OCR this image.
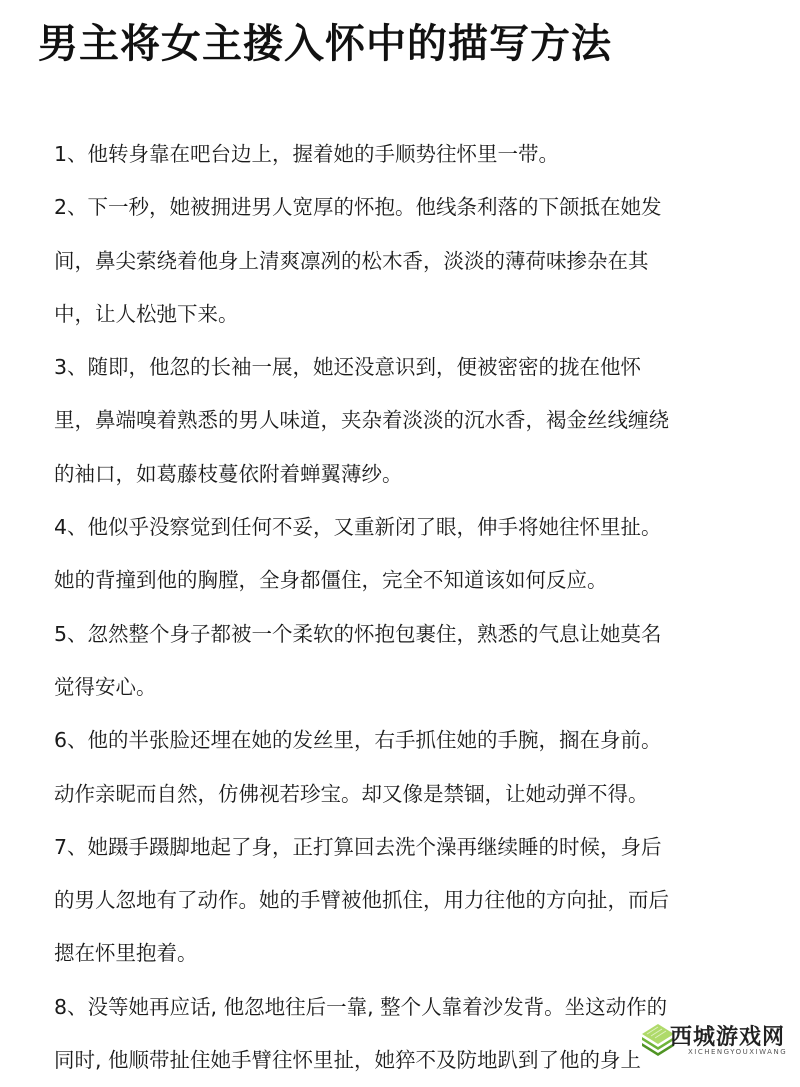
男主将女主搂入怀中的描写方法
1、他转身靠在吧台边上，握着她的手顺势往怀里一带。
2、下一秒，她被拥进男人宽厚的怀抱。他线条利落的下颌抵在她发
间，鼻尖萦绕着他身上清爽凛冽的松木香，淡淡的薄荷味掺杂在其
中，让人松弛下来。
3、随即，他忽的长袖一展，她还没意识到，便被密密的拢在他怀
里，鼻端嗅着熟悉的男人味道，夹杂着淡淡的沉水香，褐金丝线缠绕
的袖口，如葛藤枝蔓依附着蝉翼薄纱。
4、他似乎没察觉到任何不妥，又重新闭了眼，伸手将她往怀里扯。
她的背撞到他的胸膛，全身都僵住，完全不知道该如何反应。
5、忽然整个身子都被一个柔软的怀抱包裹住，熟悉的气息让她莫名
觉得安心。
6、他的半张脸还埋在她的发丝里，右手抓住她的手腕，搁在身前。
动作亲昵而自然，仿佛视若珍宝。却又像是禁锢，让她动弹不得。
7、她蹑手蹑脚地起了身，正打算回去洗个澡再继续睡的时候，身后
的男人忽地有了动作。她的手臂被他抓住，用力往他的方向扯，而后
摁在怀里抱着。
8、没等她再应话, 他忽地往后一靠, 整个人靠着沙发背。坐这动作的
同时, 他顺带扯住她手臂往怀里扯，她猝不及防地趴到了他的身上
西城游戏网
XICHENGYOUXIWANG
